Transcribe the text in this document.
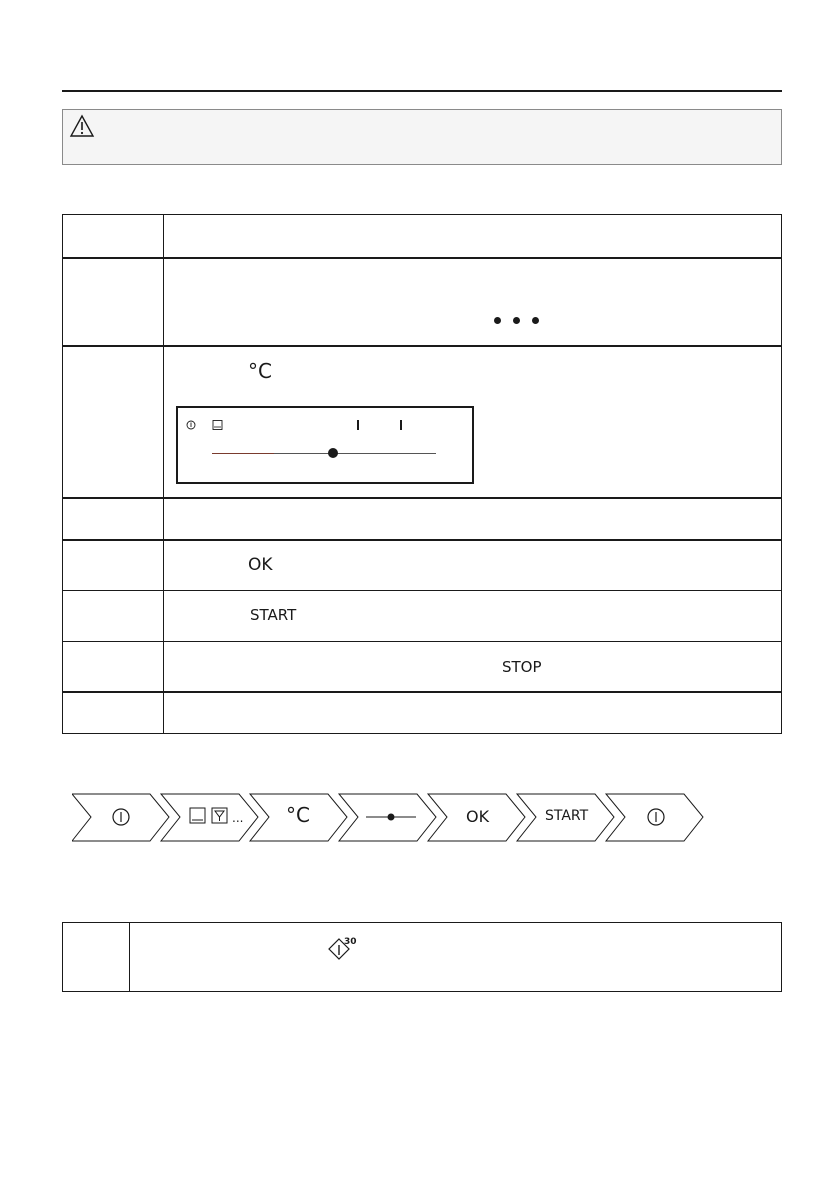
	°C

	OK

	START

	STOP

... °C	OK	START
30
